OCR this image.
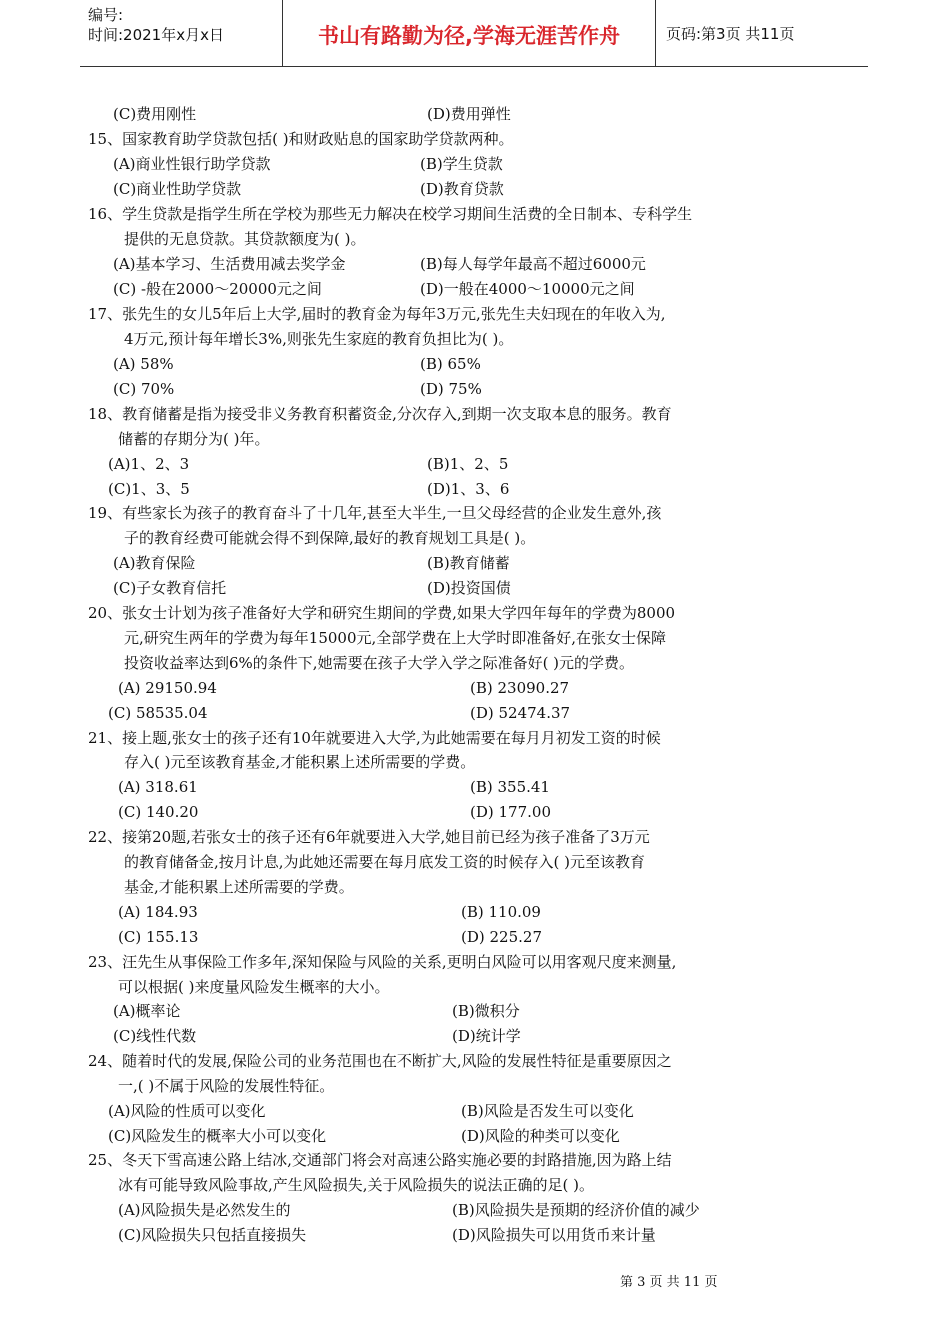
编号:
时间:2021年x月x日	书山有路勤为径,学海无涯苦作舟	页码:第3页 共11页
(C)费用刚性	(D)费用弹性
15、国家教育助学贷款包括( )和财政贴息的国家助学贷款两种。
(A)商业性银行助学贷款	(B)学生贷款
(C)商业性助学贷款	(D)教育贷款
16、学生贷款是指学生所在学校为那些无力解决在校学习期间生活费的全日制本、专科学生
提供的无息贷款。其贷款额度为( )。
(A)基本学习、生活费用减去奖学金	(B)每人每学年最高不超过6000元
(C) -般在2000～20000元之间	(D)一般在4000～10000元之间
17、张先生的女儿5年后上大学,届时的教育金为每年3万元,张先生夫妇现在的年收入为,
4万元,预计每年增长3%,则张先生家庭的教育负担比为( )。
(A) 58%	(B) 65%
(C) 70%	(D) 75%
18、教育储蓄是指为接受非义务教育积蓄资金,分次存入,到期一次支取本息的服务。教育
储蓄的存期分为( )年。
(A)1、2、3	(B)1、2、5
(C)1、3、5	(D)1、3、6
19、有些家长为孩子的教育奋斗了十几年,甚至大半生,一旦父母经营的企业发生意外,孩
子的教育经费可能就会得不到保障,最好的教育规划工具是( )。
(A)教育保险	(B)教育储蓄
(C)子女教育信托	(D)投资国债
20、张女士计划为孩子准备好大学和研究生期间的学费,如果大学四年每年的学费为8000
元,研究生两年的学费为每年15000元,全部学费在上大学时即准备好,在张女士保障
投资收益率达到6%的条件下,她需要在孩子大学入学之际准备好( )元的学费。
(A) 29150.94	(B) 23090.27
(C) 58535.04	(D) 52474.37
21、接上题,张女士的孩子还有10年就要进入大学,为此她需要在每月月初发工资的时候
存入( )元至该教育基金,才能积累上述所需要的学费。
(A) 318.61	(B) 355.41
(C) 140.20	(D) 177.00
22、接第20题,若张女士的孩子还有6年就要进入大学,她目前已经为孩子准备了3万元
的教育储备金,按月计息,为此她还需要在每月底发工资的时候存入( )元至该教育
基金,才能积累上述所需要的学费。
(A) 184.93	(B) 110.09
(C) 155.13	(D) 225.27
23、汪先生从事保险工作多年,深知保险与风险的关系,更明白风险可以用客观尺度来测量,
可以根据( )来度量风险发生概率的大小。
(A)概率论	(B)微积分
(C)线性代数	(D)统计学
24、随着时代的发展,保险公司的业务范围也在不断扩大,风险的发展性特征是重要原因之
一,( )不属于风险的发展性特征。
(A)风险的性质可以变化	(B)风险是否发生可以变化
(C)风险发生的概率大小可以变化	(D)风险的种类可以变化
25、冬天下雪高速公路上结冰,交通部门将会对高速公路实施必要的封路措施,因为路上结
冰有可能导致风险事故,产生风险损失,关于风险损失的说法正确的足( )。
(A)风险损失是必然发生的	(B)风险损失是预期的经济价值的减少
(C)风险损失只包括直接损失	(D)风险损失可以用货币来计量
第 3 页 共 11 页
